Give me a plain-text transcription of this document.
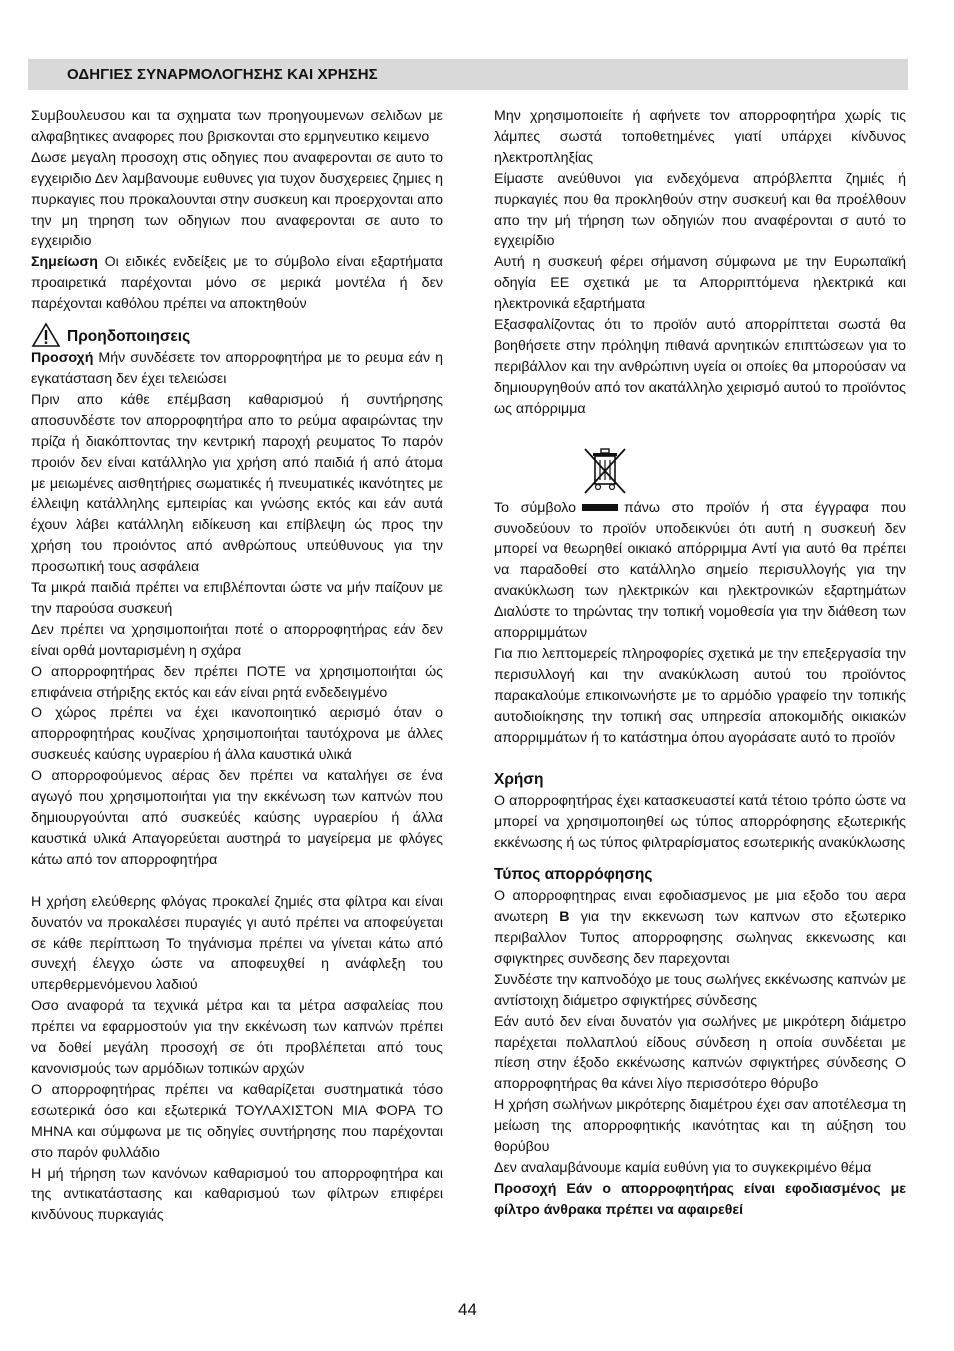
ΟΔΗΓΙΕΣ ΣΥΝΑΡΜΟΛΟΓΗΣΗΣ ΚΑΙ ΧΡΗΣΗΣ

Συμβουλευσου και τα σχηματα των προηγουμενων σελιδων με αλφαβητικες αναφορες που βρισκονται στο ερμηνευτικο κειμενο

Δωσε μεγαλη προσοχη στις οδηγιες που αναφερονται σε αυτο το εγχειριδιο Δεν λαμβανουμε ευθυνες για τυχον δυσχερειες ζημιες η πυρκαγιες που προκαλουνται στην συσκευη και προερχονται απο την μη τηρηση των οδηγιων που αναφερονται σε αυτο το εγχειριδιο

Σημείωση Οι ειδικές ενδείξεις με το σύμβολο είναι εξαρτήματα προαιρετικά παρέχονται μόνο σε μερικά μοντέλα ή δεν παρέχονται καθόλου πρέπει να αποκτηθούν

Προηδοποιησεις

Προσοχή Μήν συνδέσετε τον απορροφητήρα με το ρευμα εάν η εγκατάσταση δεν έχει τελειώσει

Πριν απο κάθε επέμβαση καθαρισμού ή συντήρησης αποσυνδέστε τον απορροφητήρα απο το ρεύμα αφαιρώντας την πρίζα ή διακόπτοντας την κεντρική παροχή ρευματος Το παρόν προιόν δεν είναι κατάλληλο για χρήση από παιδιά ή από άτομα με μειωμένες αισθητήριες σωματικές ή πνευματικές ικανότητες με έλλειψη κατάλληλης εμπειρίας και γνώσης εκτός και εάν αυτά έχουν λάβει κατάλληλη ειδίκευση και επίβλεψη ώς προς την χρήση του προιόντος από ανθρώπους υπεύθυνους για την προσωπική τους ασφάλεια

Τα μικρά παιδιά πρέπει να επιβλέπονται ώστε να μήν παίζουν με την παρούσα συσκευή

Δεν πρέπει να χρησιμοποιήται ποτέ ο απορροφητήρας εάν δεν είναι ορθά μονταρισμένη η σχάρα

Ο απορροφητήρας δεν πρέπει ΠΟΤΕ να χρησιμοποιήται ώς επιφάνεια στήριξης εκτός και εάν είναι ρητά ενδεδειγμένο

Ο χώρος πρέπει να έχει ικανοποιητικό αερισμό όταν ο απορροφητήρας κουζίνας χρησιμοποιήται ταυτόχρονα με άλλες συσκευές καύσης υγραερίου ή άλλα καυστικά υλικά

Ο απορροφούμενος αέρας δεν πρέπει να καταλήγει σε ένα αγωγό που χρησιμοποιήται για την εκκένωση των καπνών που δημιουργούνται από συσκεύές καύσης υγραερίου ή άλλα καυστικά υλικά Απαγορεύεται αυστηρά το μαγείρεμα με φλόγες κάτω από τον απορροφητήρα

Η χρήση ελεύθερης φλόγας προκαλεί ζημιές στα φίλτρα και είναι δυνατόν να προκαλέσει πυραγιές γι αυτό πρέπει να αποφεύγεται σε κάθε περίπτωση Το τηγάνισμα πρέπει να γίνεται κάτω από συνεχή έλεγχο ώστε να αποφευχθεί η ανάφλεξη του υπερθερμενόμενου λαδιού

Οσο αναφορά τα τεχνικά μέτρα και τα μέτρα ασφαλείας που πρέπει να εφαρμοστούν για την εκκένωση των καπνών πρέπει να δοθεί μεγάλη προσοχή σε ότι προβλέπεται από τους κανονισμούς των αρμόδιων τοπικών αρχών

Ο απορροφητήρας πρέπει να καθαρίζεται συστηματικά τόσο εσωτερικά όσο και εξωτερικά ΤΟΥΛΑΧΙΣΤΟΝ ΜΙΑ ΦΟΡΑ ΤΟ ΜΗΝΑ και σύμφωνα με τις οδηγίες συντήρησης που παρέχονται στο παρόν φυλλάδιο

Η μή τήρηση των κανόνων καθαρισμού του απορροφητήρα και της αντικατάστασης και καθαρισμού των φίλτρων επιφέρει κινδύνους πυρκαγιάς

Μην χρησιμοποιείτε ή αφήνετε τον απορροφητήρα χωρίς τις λάμπες σωστά τοποθετημένες γιατί υπάρχει κίνδυνος ηλεκτροπληξίας

Είμαστε ανεύθυνοι για ενδεχόμενα απρόβλεπτα ζημιές ή πυρκαγιές που θα προκληθούν στην συσκευή και θα προέλθουν απο την μή τήρηση των οδηγιών που αναφέρονται σ αυτό το εγχειρίδιο

Αυτή η συσκευή φέρει σήμανση σύμφωνα με την Ευρωπαϊκή οδηγία ΕΕ σχετικά με τα Απορριπτόμενα ηλεκτρικά και ηλεκτρονικά εξαρτήματα

Εξασφαλίζοντας ότι το προϊόν αυτό απορρίπτεται σωστά θα βοηθήσετε στην πρόληψη πιθανά αρνητικών επιπτώσεων για το περιβάλλον και την ανθρώπινη υγεία οι οποίες θα μπορούσαν να δημιουργηθούν από τον ακατάλληλο χειρισμό αυτού το προϊόντος ως απόρριμμα

Το σύμβολο	πάνω στο προϊόν ή στα έγγραφα που συνοδεύουν το προϊόν υποδεικνύει ότι αυτή η συσκευή δεν μπορεί να θεωρηθεί οικιακό απόρριμμα Αντί για αυτό θα πρέπει να παραδοθεί στο κατάλληλο σημείο περισυλλογής για την ανακύκλωση των ηλεκτρικών και ηλεκτρονικών εξαρτημάτων Διαλύστε το τηρώντας την τοπική νομοθεσία για την διάθεση των απορριμμάτων

Για πιο λεπτομερείς πληροφορίες σχετικά με την επεξεργασία την περισυλλογή και την ανακύκλωση αυτού του προϊόντος παρακαλούμε επικοινωνήστε με το αρμόδιο γραφείο την τοπικής αυτοδιοίκησης την τοπική σας υπηρεσία αποκομιδής οικιακών απορριμμάτων ή το κατάστημα όπου αγοράσατε αυτό το προϊόν

Χρήση

Ο απορροφητήρας έχει κατασκευαστεί κατά τέτοιο τρόπο ώστε να μπορεί να χρησιμοποιηθεί ως τύπος απορρόφησης εξωτερικής εκκένωσης ή ως τύπος φιλτραρίσματος εσωτερικής ανακύκλωσης

Τύπος απορρόφησης

Ο απορροφητηρας ειναι εφοδιασμενος με μια εξοδο του αερα ανωτερη B για την εκκενωση των καπνων στο εξωτερικο περιβαλλον Τυπος απορροφησης σωληνας εκκενωσης και σφιγκτηρες συνδεσης δεν παρεχονται

Συνδέστε την καπνοδόχο με τους σωλήνες εκκένωσης καπνών με αντίστοιχη διάμετρο σφιγκτήρες σύνδεσης

Εάν αυτό δεν είναι δυνατόν για σωλήνες με μικρότερη διάμετρο παρέχεται πολλαπλού είδους σύνδεση η οποία συνδέεται με πίεση στην έξοδο εκκένωσης καπνών σφιγκτήρες σύνδεσης Ο απορροφητήρας θα κάνει λίγο περισσότερο θόρυβο

Η χρήση σωλήνων μικρότερης διαμέτρου έχει σαν αποτέλεσμα τη μείωση της απορροφητικής ικανότητας και τη αύξηση του θορύβου

Δεν αναλαμβάνουμε καμία ευθύνη για το συγκεκριμένο θέμα

Προσοχή Εάν ο απορροφητήρας είναι εφοδιασμένος με φίλτρο άνθρακα πρέπει να αφαιρεθεί

44
